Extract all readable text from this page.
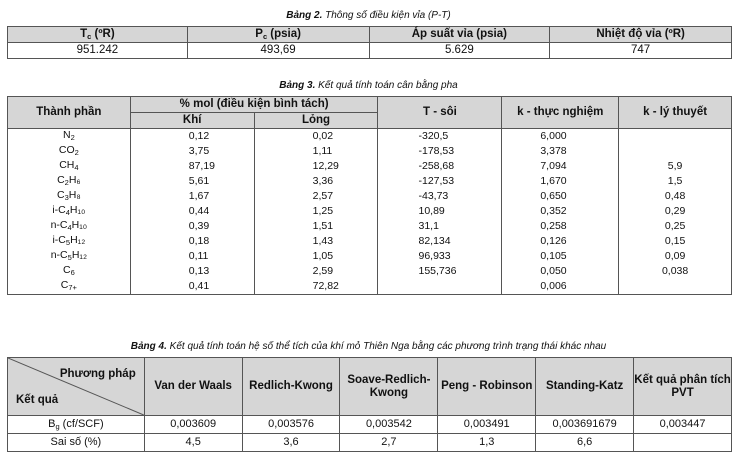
Bảng 2. Thông số điều kiện vỉa (P-T)
$T_c$ (ºR)	$P_c$ (psia)	Áp suất vỉa (psia)	Nhiệt độ vỉa (ºR)
951.242	493,69	5.629	747
Bảng 3. Kết quả tính toán cân bằng pha
Thành phần	% mol (điều kiện bình tách)		T - sôi	k - thực nghiệm	k - lý thuyết
	Khí	Lỏng			
$N_2$	0,12	0,02	-320,5	6,000	
$CO_2$	3,75	1,11	-178,53	3,378	
$CH_4$	87,19	12,29	-258,68	7,094	5,9
$C_2H_6$	5,61	3,36	-127,53	1,670	1,5
$C_3H_8$	1,67	2,57	-43,73	0,650	0,48
$i-C_4H_{10}$	0,44	1,25	10,89	0,352	0,29
$n-C_4H_{10}$	0,39	1,51	31,1	0,258	0,25
$i-C_5H_{12}$	0,18	1,43	82,134	0,126	0,15
$n-C_5H_{12}$	0,11	1,05	96,933	0,105	0,09
$C_6$	0,13	2,59	155,736	0,050	0,038
$C_{7+}$	0,41	72,82		0,006	
Bảng 4. Kết quả tính toán hệ số thể tích của khí mỏ Thiên Nga bằng các phương trình trạng thái khác nhau
Phương pháp
Kết quả	Van der Waals	Redlich-Kwong	Soave-Redlich-Kwong	Peng - Robinson	Standing-Katz	Kết quả phân tích PVT
$B_g$ (cf/SCF)	0,003609	0,003576	0,003542	0,003491	0,003691679	0,003447
Sai số (%)	4,5	3,6	2,7	1,3	6,6	
